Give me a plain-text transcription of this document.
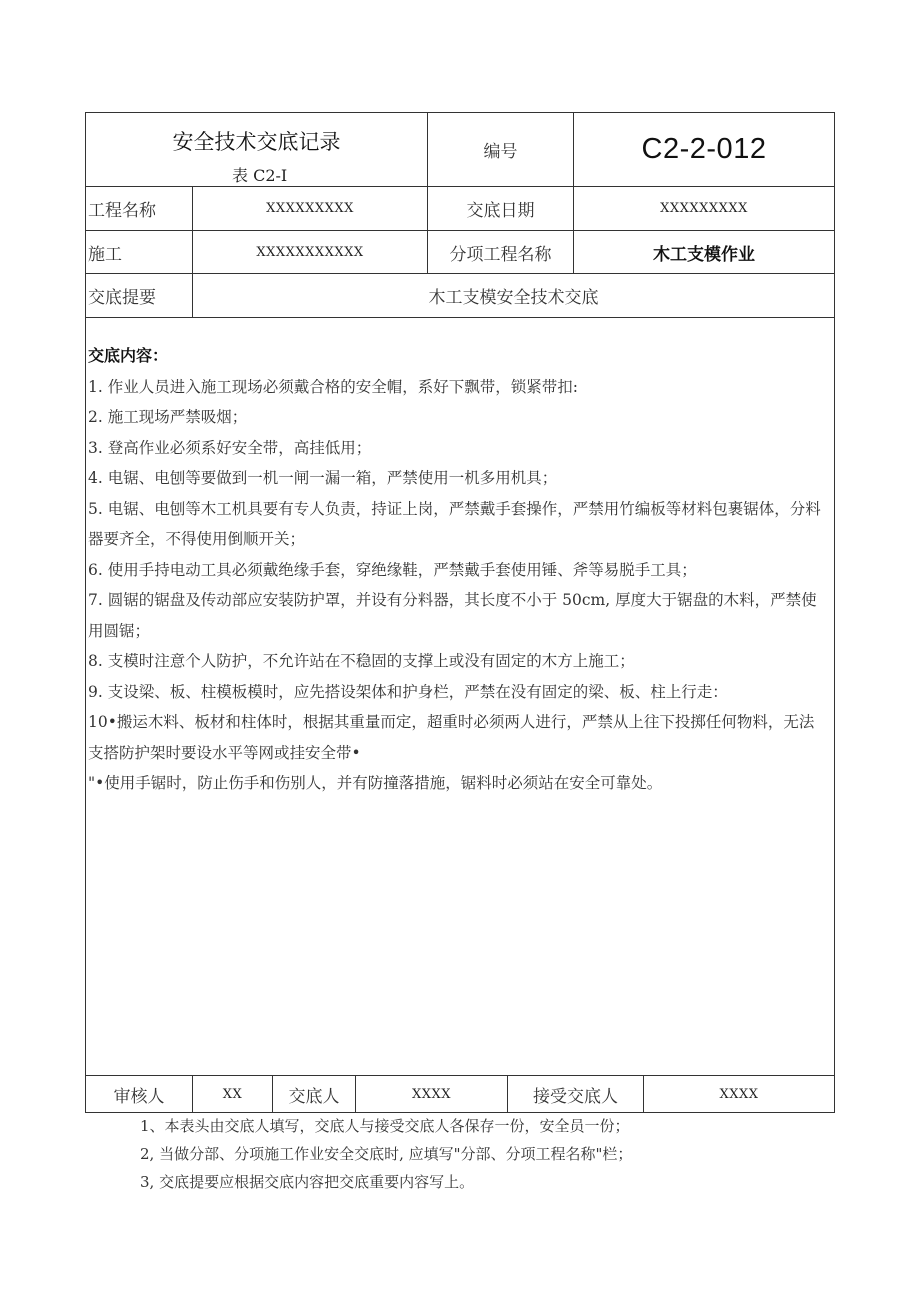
安全技术交底记录
表 C2-I
编号	C2-2-012
工程名称	XXXXXXXXX	交底日期	XXXXXXXXX
施工	XXXXXXXXXXX	分项工程名称	木工支模作业
交底提要	木工支模安全技术交底

交底内容：

1. 作业人员进入施工现场必须戴合格的安全帽，系好下飘带，锁紧带扣:

2. 施工现场严禁吸烟；

3. 登高作业必须系好安全带，高挂低用；

4. 电锯、电刨等要做到一机一闸一漏一箱，严禁使用一机多用机具；

5. 电锯、电刨等木工机具要有专人负责，持证上岗，严禁戴手套操作，严禁用竹编板等材料包裹锯体，分料器要齐全，不得使用倒顺开关；

6. 使用手持电动工具必须戴绝缘手套，穿绝缘鞋，严禁戴手套使用锤、斧等易脱手工具；

7. 圆锯的锯盘及传动部应安装防护罩，并设有分料器，其长度不小于 50cm, 厚度大于锯盘的木料，严禁使用圆锯；

8. 支模时注意个人防护，不允许站在不稳固的支撑上或没有固定的木方上施工；

9. 支设梁、板、柱模板模时，应先搭设架体和护身栏，严禁在没有固定的梁、板、柱上行走：

10•搬运木料、板材和柱体时，根据其重量而定，超重时必须两人进行，严禁从上往下投掷任何物料，无法支搭防护架时要设水平等网或挂安全带•

"•使用手锯时，防止伤手和伤别人，并有防撞落措施，锯料时必须站在安全可靠处。

审核人	XX	交底人	XXXX	接受交底人	XXXX

1、本表头由交底人填写，交底人与接受交底人各保存一份，安全员一份；

2, 当做分部、分项施工作业安全交底时, 应填写"分部、分项工程名称"栏；

3, 交底提要应根据交底内容把交底重要内容写上。
